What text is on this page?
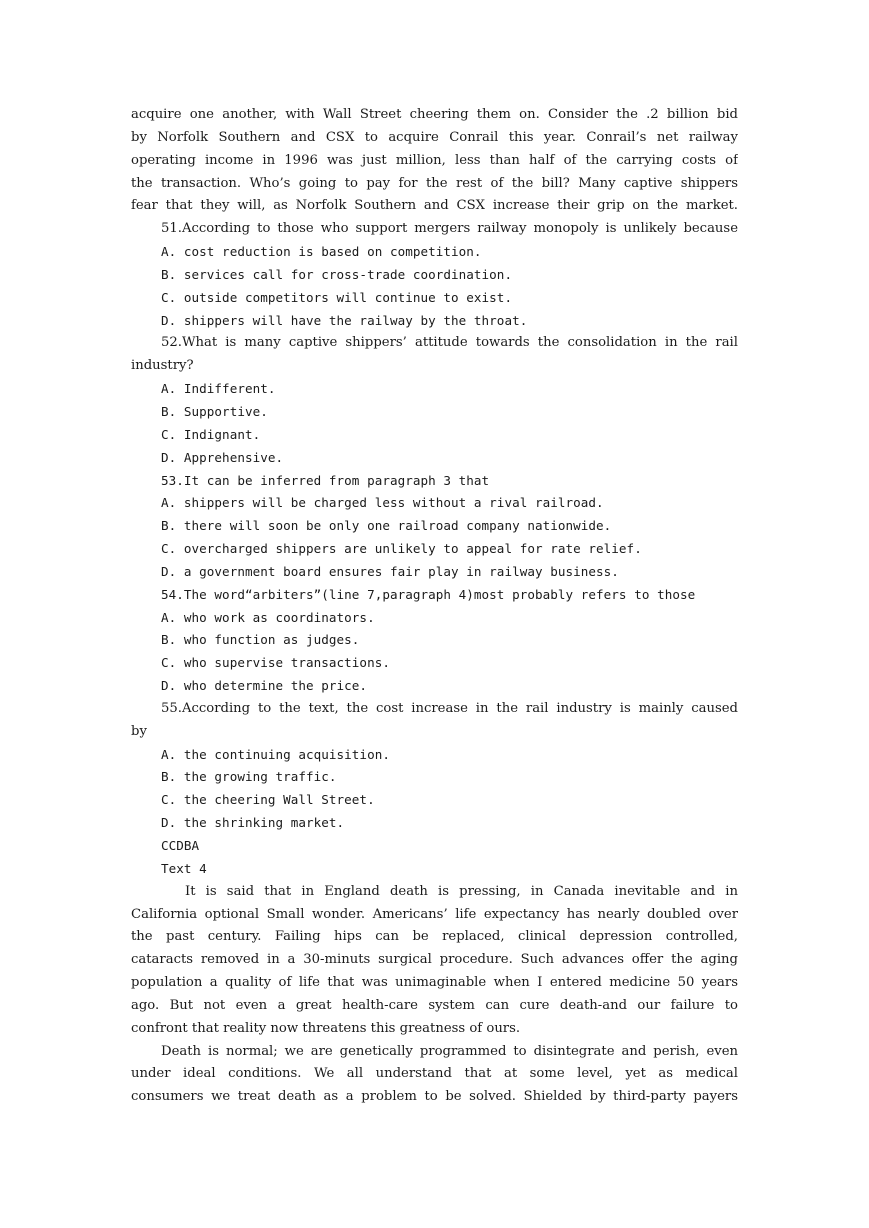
acquire one another, with Wall Street cheering them on. Consider the .2 billion bid
by Norfolk Southern and CSX to acquire Conrail this year. Conrail’s net railway
operating income in 1996 was just million, less than half of the carrying costs of
the transaction. Who’s going to pay for the rest of the bill? Many captive shippers
fear that they will, as Norfolk Southern and CSX increase their grip on the market.
51.According to those who support mergers railway monopoly is unlikely because
A. cost reduction is based on competition.
B. services call for cross-trade coordination.
C. outside competitors will continue to exist.
D. shippers will have the railway by the throat.
52.What is many captive shippers’ attitude towards the consolidation in the rail
industry?
A. Indifferent.
B. Supportive.
C. Indignant.
D. Apprehensive.
53.It can be inferred from paragraph 3 that
A. shippers will be charged less without a rival railroad.
B. there will soon be only one railroad company nationwide.
C. overcharged shippers are unlikely to appeal for rate relief.
D. a government board ensures fair play in railway business.
54.The word“arbiters”(line 7,paragraph 4)most probably refers to those
A. who work as coordinators.
B. who function as judges.
C. who supervise transactions.
D. who determine the price.
55.According to the text, the cost increase in the rail industry is mainly caused
by
A. the continuing acquisition.
B. the growing traffic.
C. the cheering Wall Street.
D. the shrinking market.
CCDBA
Text 4
It is said that in England death is pressing, in Canada inevitable and in
California optional Small wonder. Americans’ life expectancy has nearly doubled over
the past century. Failing hips can be replaced, clinical depression controlled,
cataracts removed in a 30-minuts surgical procedure. Such advances offer the aging
population a quality of life that was unimaginable when I entered medicine 50 years
ago. But not even a great health-care system can cure death-and our failure to
confront that reality now threatens this greatness of ours.
Death is normal; we are genetically programmed to disintegrate and perish, even
under ideal conditions. We all understand that at some level, yet as medical
consumers we treat death as a problem to be solved. Shielded by third-party payers
